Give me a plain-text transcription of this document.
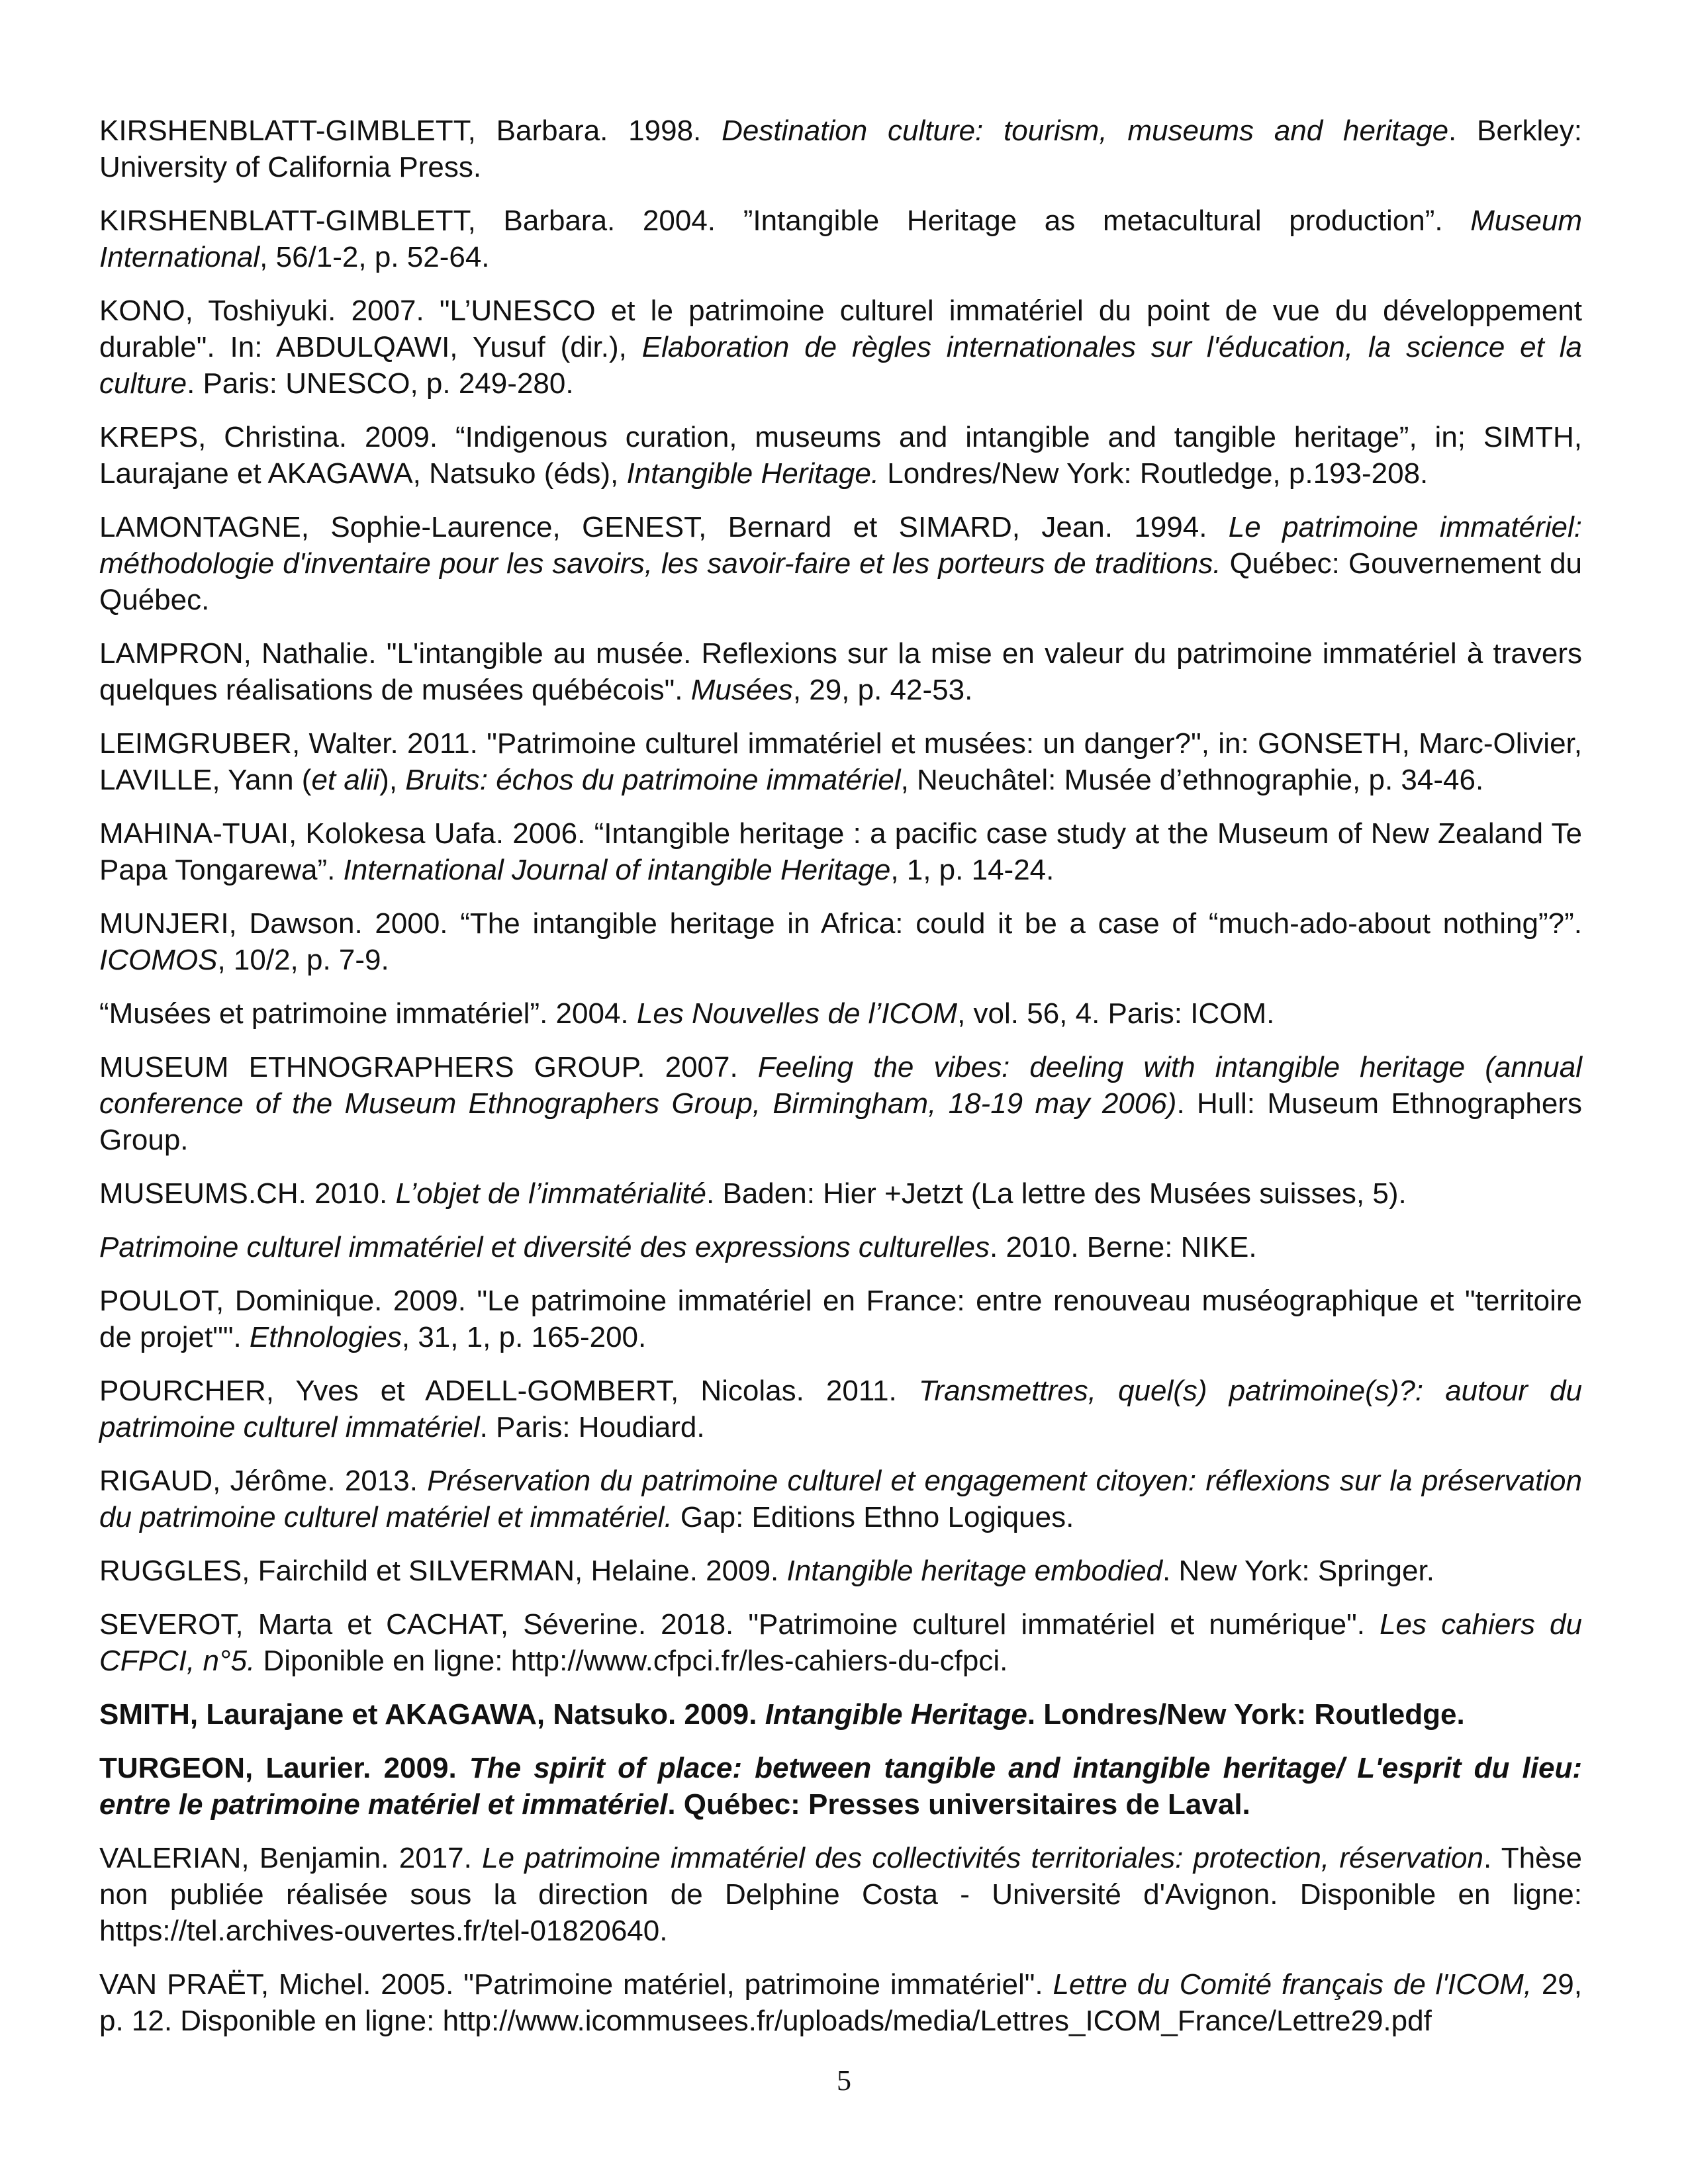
KIRSHENBLATT-GIMBLETT, Barbara. 1998. Destination culture: tourism, museums and heritage. Berkley: University of California Press.

KIRSHENBLATT-GIMBLETT, Barbara. 2004. ”Intangible Heritage as metacultural production”. Museum International, 56/1-2, p. 52-64.

KONO, Toshiyuki. 2007. "L’UNESCO et le patrimoine culturel immatériel du point de vue du développement durable". In: ABDULQAWI, Yusuf (dir.), Elaboration de règles internationales sur l'éducation, la science et la culture. Paris: UNESCO, p. 249-280.

KREPS, Christina. 2009. “Indigenous curation, museums and intangible and tangible heritage”, in; SIMTH, Laurajane et AKAGAWA, Natsuko (éds), Intangible Heritage. Londres/New York: Routledge, p.193-208.

LAMONTAGNE, Sophie-Laurence, GENEST, Bernard et SIMARD, Jean. 1994. Le patrimoine immatériel: méthodologie d'inventaire pour les savoirs, les savoir-faire et les porteurs de traditions. Québec: Gouvernement du Québec.

LAMPRON, Nathalie. "L'intangible au musée. Reflexions sur la mise en valeur du patrimoine immatériel à travers quelques réalisations de musées québécois". Musées, 29, p. 42-53.

LEIMGRUBER, Walter. 2011. "Patrimoine culturel immatériel et musées: un danger?", in: GONSETH, Marc-Olivier, LAVILLE, Yann (et alii), Bruits: échos du patrimoine immatériel, Neuchâtel: Musée d’ethnographie, p. 34-46.

MAHINA-TUAI, Kolokesa Uafa. 2006. “Intangible heritage : a pacific case study at the Museum of New Zealand Te Papa Tongarewa”. International Journal of intangible Heritage, 1, p. 14-24.

MUNJERI, Dawson. 2000. “The intangible heritage in Africa: could it be a case of “much-ado-about nothing”?”. ICOMOS, 10/2, p. 7-9.

“Musées et patrimoine immatériel”. 2004. Les Nouvelles de l’ICOM, vol. 56, 4. Paris: ICOM.

MUSEUM ETHNOGRAPHERS GROUP. 2007. Feeling the vibes: deeling with intangible heritage (annual conference of the Museum Ethnographers Group, Birmingham, 18-19 may 2006). Hull: Museum Ethnographers Group.

MUSEUMS.CH. 2010. L’objet de l’immatérialité. Baden: Hier +Jetzt (La lettre des Musées suisses, 5).

Patrimoine culturel immatériel et diversité des expressions culturelles. 2010. Berne: NIKE.

POULOT, Dominique. 2009. "Le patrimoine immatériel en France: entre renouveau muséographique et "territoire de projet"". Ethnologies, 31, 1, p. 165-200.

POURCHER, Yves et ADELL-GOMBERT, Nicolas. 2011. Transmettres, quel(s) patrimoine(s)?: autour du patrimoine culturel immatériel. Paris: Houdiard.

RIGAUD, Jérôme. 2013. Préservation du patrimoine culturel et engagement citoyen: réflexions sur la préservation du patrimoine culturel matériel et immatériel. Gap: Editions Ethno Logiques.

RUGGLES, Fairchild et SILVERMAN, Helaine. 2009. Intangible heritage embodied. New York: Springer.

SEVEROT, Marta et CACHAT, Séverine. 2018. "Patrimoine culturel immatériel et numérique". Les cahiers du CFPCI, n°5. Diponible en ligne: http://www.cfpci.fr/les-cahiers-du-cfpci.

SMITH, Laurajane et AKAGAWA, Natsuko. 2009. Intangible Heritage. Londres/New York: Routledge.

TURGEON, Laurier. 2009. The spirit of place: between tangible and intangible heritage/ L'esprit du lieu: entre le patrimoine matériel et immatériel. Québec: Presses universitaires de Laval.

VALERIAN, Benjamin. 2017. Le patrimoine immatériel des collectivités territoriales: protection, réservation. Thèse non publiée réalisée sous la direction de Delphine Costa - Université d'Avignon. Disponible en ligne: https://tel.archives-ouvertes.fr/tel-01820640.

VAN PRAËT, Michel. 2005. "Patrimoine matériel, patrimoine immatériel". Lettre du Comité français de l'ICOM, 29, p. 12. Disponible en ligne: http://www.icommusees.fr/uploads/media/Lettres_ICOM_France/Lettre29.pdf

5
